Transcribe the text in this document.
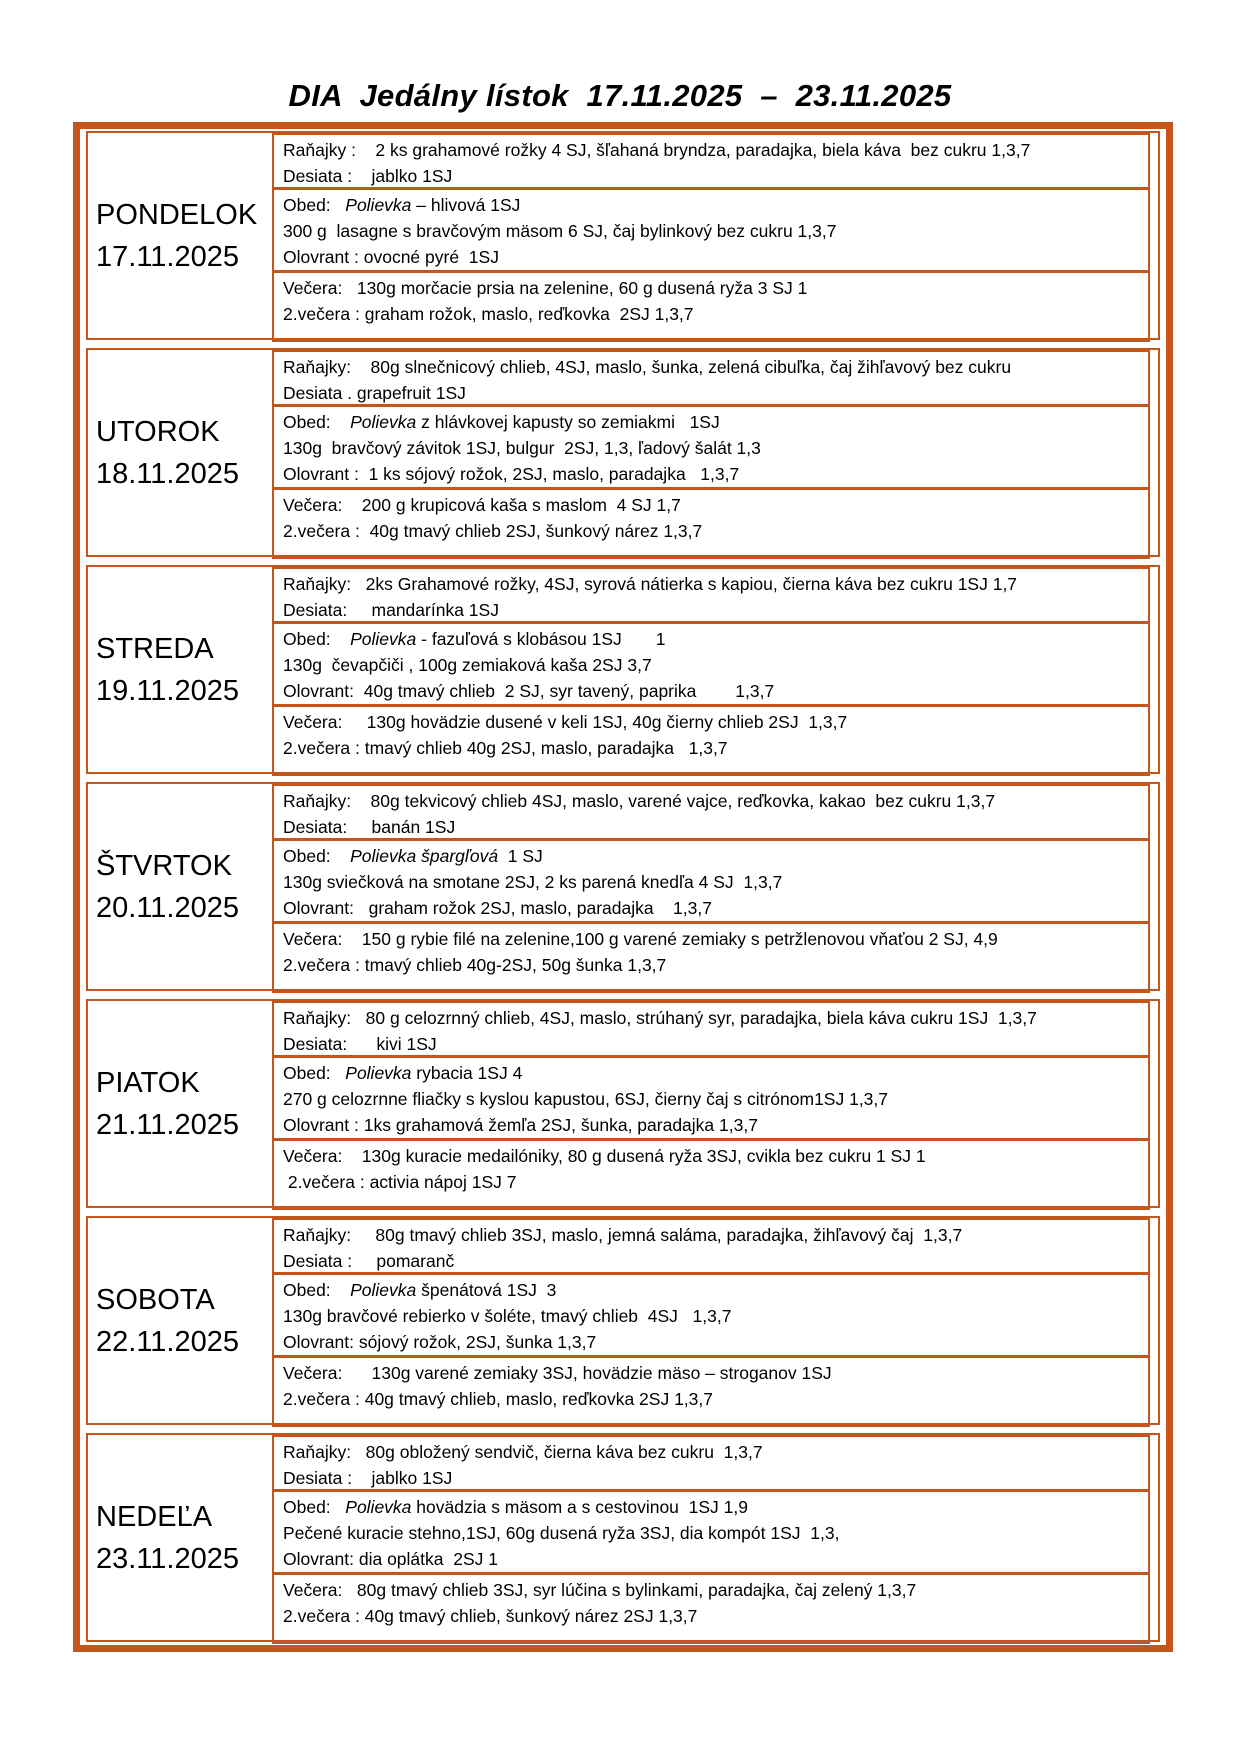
DIA  Jedálny lístok  17.11.2025  –  23.11.2025
PONDELOK
17.11.2025
Raňajky :    2 ks grahamové rožky 4 SJ, šľahaná bryndza, paradajka, biela káva  bez cukru 1,3,7
Desiata :    jablko 1SJ
Obed:   Polievka – hlivová 1SJ
300 g  lasagne s bravčovým mäsom 6 SJ, čaj bylinkový bez cukru 1,3,7
Olovrant : ovocné pyré  1SJ
Večera:   130g morčacie prsia na zelenine, 60 g dusená ryža 3 SJ 1
2.večera : graham rožok, maslo, reďkovka  2SJ 1,3,7
UTOROK
18.11.2025
Raňajky:    80g slnečnicový chlieb, 4SJ, maslo, šunka, zelená cibuľka, čaj žihľavový bez cukru
Desiata . grapefruit 1SJ
Obed:    Polievka z hlávkovej kapusty so zemiakmi   1SJ
130g  bravčový závitok 1SJ, bulgur  2SJ, 1,3, ľadový šalát 1,3
Olovrant :  1 ks sójový rožok, 2SJ, maslo, paradajka   1,3,7
Večera:    200 g krupicová kaša s maslom  4 SJ 1,7
2.večera :  40g tmavý chlieb 2SJ, šunkový nárez 1,3,7
STREDA
19.11.2025
Raňajky:   2ks Grahamové rožky, 4SJ, syrová nátierka s kapiou, čierna káva bez cukru 1SJ 1,7
Desiata:     mandarínka 1SJ
Obed:    Polievka - fazuľová s klobásou 1SJ       1
130g  čevapčiči , 100g zemiaková kaša 2SJ 3,7
Olovrant:  40g tmavý chlieb  2 SJ, syr tavený, paprika        1,3,7
Večera:     130g hovädzie dusené v keli 1SJ, 40g čierny chlieb 2SJ  1,3,7
2.večera : tmavý chlieb 40g 2SJ, maslo, paradajka   1,3,7
ŠTVRTOK
20.11.2025
Raňajky:    80g tekvicový chlieb 4SJ, maslo, varené vajce, reďkovka, kakao  bez cukru 1,3,7
Desiata:     banán 1SJ
Obed:    Polievka špargľová  1 SJ
130g sviečková na smotane 2SJ, 2 ks parená knedľa 4 SJ  1,3,7
Olovrant:   graham rožok 2SJ, maslo, paradajka    1,3,7
Večera:    150 g rybie filé na zelenine,100 g varené zemiaky s petržlenovou vňaťou 2 SJ, 4,9
2.večera : tmavý chlieb 40g-2SJ, 50g šunka 1,3,7
PIATOK
21.11.2025
Raňajky:   80 g celozrnný chlieb, 4SJ, maslo, strúhaný syr, paradajka, biela káva cukru 1SJ  1,3,7
Desiata:      kivi 1SJ
Obed:   Polievka rybacia 1SJ 4
270 g celozrnne fliačky s kyslou kapustou, 6SJ, čierny čaj s citrónom1SJ 1,3,7
Olovrant : 1ks grahamová žemľa 2SJ, šunka, paradajka 1,3,7
Večera:    130g kuracie medailóniky, 80 g dusená ryža 3SJ, cvikla bez cukru 1 SJ 1
2.večera : activia nápoj 1SJ 7
SOBOTA
22.11.2025
Raňajky:     80g tmavý chlieb 3SJ, maslo, jemná saláma, paradajka, žihľavový čaj  1,3,7
Desiata :     pomaranč
Obed:    Polievka špenátová 1SJ  3
130g bravčové rebierko v šoléte, tmavý chlieb  4SJ   1,3,7
Olovrant: sójový rožok, 2SJ, šunka 1,3,7
Večera:      130g varené zemiaky 3SJ, hovädzie mäso – stroganov 1SJ
2.večera : 40g tmavý chlieb, maslo, reďkovka 2SJ 1,3,7
NEDEĽA
23.11.2025
Raňajky:   80g obložený sendvič, čierna káva bez cukru  1,3,7
Desiata :    jablko 1SJ
Obed:   Polievka hovädzia s mäsom a s cestovinou  1SJ 1,9
Pečené kuracie stehno,1SJ, 60g dusená ryža 3SJ, dia kompót 1SJ  1,3,
Olovrant: dia oplátka  2SJ 1
Večera:   80g tmavý chlieb 3SJ, syr lúčina s bylinkami, paradajka, čaj zelený 1,3,7
2.večera : 40g tmavý chlieb, šunkový nárez 2SJ 1,3,7
